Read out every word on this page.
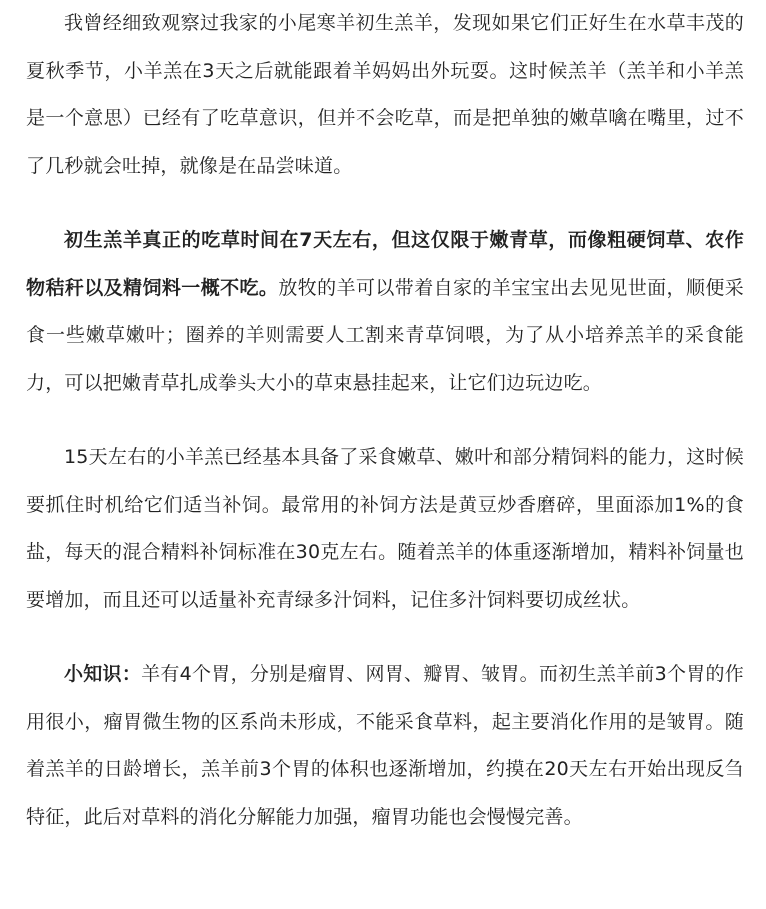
我曾经细致观察过我家的小尾寒羊初生羔羊，发现如果它们正好生在水草丰茂的夏秋季节，小羊羔在3天之后就能跟着羊妈妈出外玩耍。这时候羔羊（羔羊和小羊羔是一个意思）已经有了吃草意识，但并不会吃草，而是把单独的嫩草噙在嘴里，过不了几秒就会吐掉，就像是在品尝味道。

初生羔羊真正的吃草时间在7天左右，但这仅限于嫩青草，而像粗硬饲草、农作物秸秆以及精饲料一概不吃。放牧的羊可以带着自家的羊宝宝出去见见世面，顺便采食一些嫩草嫩叶；圈养的羊则需要人工割来青草饲喂，为了从小培养羔羊的采食能力，可以把嫩青草扎成拳头大小的草束悬挂起来，让它们边玩边吃。

15天左右的小羊羔已经基本具备了采食嫩草、嫩叶和部分精饲料的能力，这时候要抓住时机给它们适当补饲。最常用的补饲方法是黄豆炒香磨碎，里面添加1%的食盐，每天的混合精料补饲标准在30克左右。随着羔羊的体重逐渐增加，精料补饲量也要增加，而且还可以适量补充青绿多汁饲料，记住多汁饲料要切成丝状。

小知识：羊有4个胃，分别是瘤胃、网胃、瓣胃、皱胃。而初生羔羊前3个胃的作用很小，瘤胃微生物的区系尚未形成，不能采食草料，起主要消化作用的是皱胃。随着羔羊的日龄增长，羔羊前3个胃的体积也逐渐增加，约摸在20天左右开始出现反刍特征，此后对草料的消化分解能力加强，瘤胃功能也会慢慢完善。
